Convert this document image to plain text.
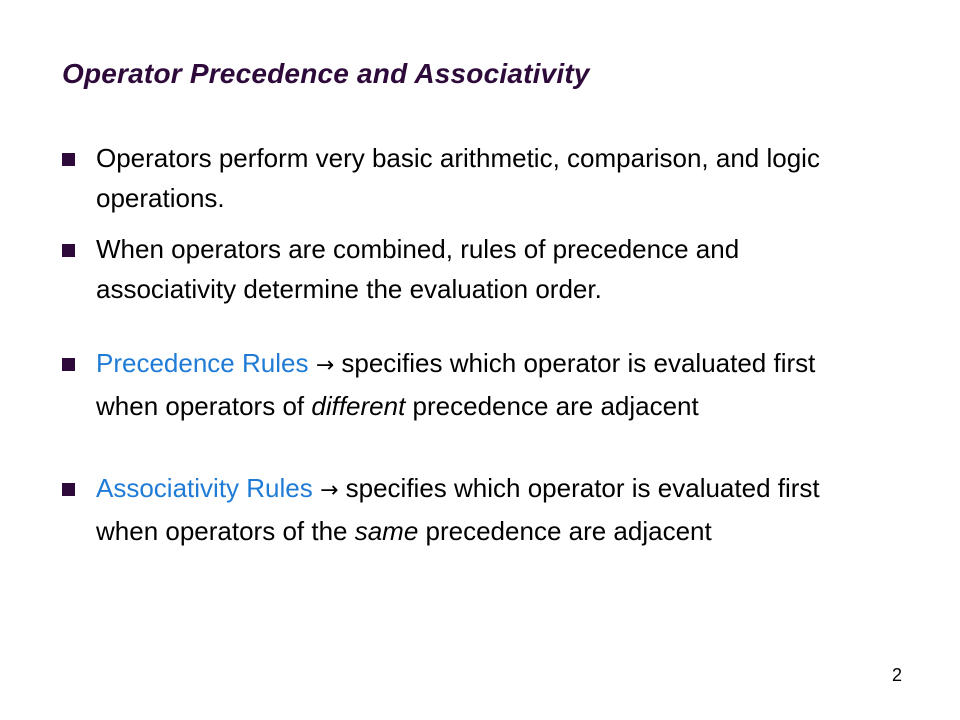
Operator Precedence and Associativity
Operators perform very basic arithmetic, comparison, and logic operations.
When operators are combined, rules of precedence and associativity determine the evaluation order.
Precedence Rules → specifies which operator is evaluated first when operators of different precedence are adjacent
Associativity Rules → specifies which operator is evaluated first when operators of the same precedence are adjacent
2
